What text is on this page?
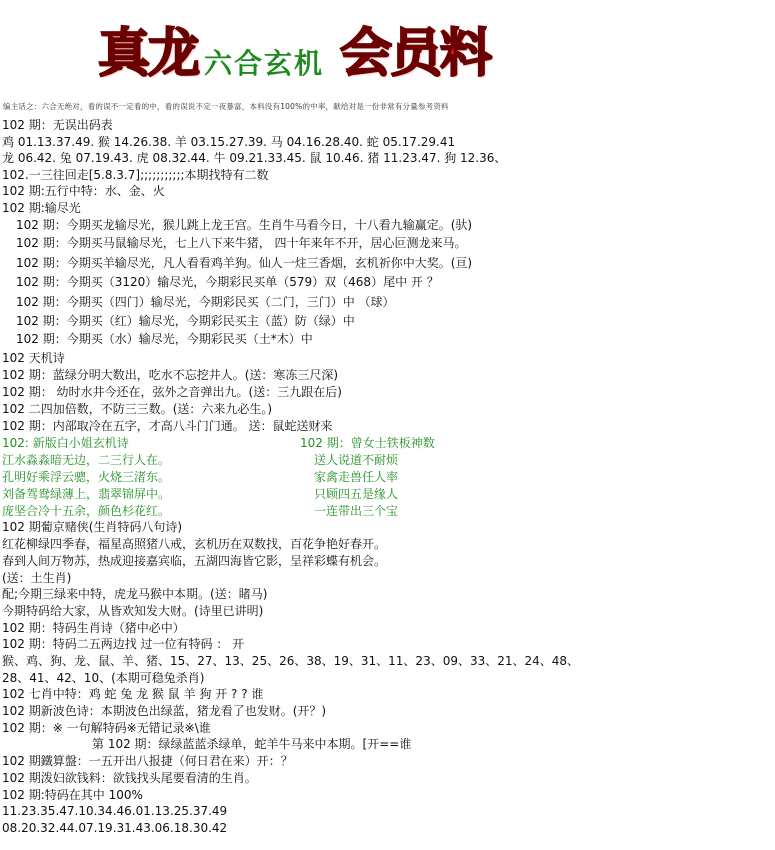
真龙 六合玄机 会员料
编主话之：六合无绝对，看的误不一定看的中，看的误说不定一夜暴富，本料没有100%的中率，献给对是一份非常有分量参考资料
102 期：无误出码表
鸡 01.13.37.49. 猴 14.26.38. 羊 03.15.27.39. 马 04.16.28.40. 蛇 05.17.29.41
龙 06.42. 兔 07.19.43. 虎 08.32.44. 牛 09.21.33.45. 鼠 10.46. 猪 11.23.47. 狗 12.36、
102.一三往回走[5.8.3.7];;;;;;;;;;;本期找特有二数
102 期:五行中特：水、金、火
102 期:输尽光
102 期：今期买龙输尽光，猴儿跳上龙王宫。生肖牛马看今日，十八看九输赢定。(驮)
102 期：今期买马鼠输尽光，七上八下来牛猪， 四十年来年不开，居心叵测龙来马。
102 期：今期买羊输尽光，凡人看看鸡羊狗。仙人一炷三香烟，玄机祈你中大奖。(亘)
102 期：今期买（3120）输尽光，今期彩民买单（579）双（468）尾中 开 ？
102 期：今期买（四门）输尽光，今期彩民买（二门，三门）中 （球）
102 期：今期买（红）输尽光，今期彩民买主（蓝）防（绿）中
102 期：今期买（水）输尽光，今期彩民买（土*木）中
102 天机诗
102 期：蓝绿分明大数出，吃水不忘挖井人。(送：寒冻三尺深)
102 期： 幼时水井今还在，弦外之音弹出九。(送：三九跟在后)
102 二四加倍数，不防三三数。(送：六来九必生。)
102 期：内部取冷在五字，才高八斗门门通。 送：鼠蛇送财来
102: 新版白小姐玄机诗
江水淼淼暗无边，二三行人在。
孔明好乘浮云骢，火烧三渚东。
刘备驾鸯绿薄上，翡翠锦屏中。
庞坚合冷十五余，颜色杉花红。
102 期：曾女士铁板神数
送人说道不耐烦
家禽走兽任人率
只顾四五是缘人
一连带出三个宝
102 期葡京赌侠(生肖特码八句诗)
红花柳绿四季春，福星高照猪八戒，玄机历在双数找，百花争艳好春开。
春到人间万物苏，热成迎接嘉宾临，五湖四海皆它影，呈祥彩蝶有机会。
(送：土生肖)
配;今期三绿来中特，虎龙马猴中本期。(送：睹马)
今期特码给大家，从皆欢知发大财。(诗里已讲明)
102 期：特码生肖诗（猪中必中）
102 期：特码二五两边找 过一位有特码 ： 开
猴、鸡、狗、龙、鼠、羊、猪、15、27、13、25、26、38、19、31、11、23、09、33、21、24、48、
28、41、42、10、(本期可稳兔杀肖)
102 七肖中特：鸡 蛇 兔 龙 猴 鼠 羊 狗 开 ? ? 谁
102 期新波色诗：本期波色出绿蓝，猪龙看了也发财。(开？)
102 期：※ 一句解特码※无错记录※\谁
第 102 期：绿绿蓝蓝杀绿单，蛇羊牛马来中本期。[开==谁
102 期鐵算盤：一五开出八报捷（何日君在来）开：？
102 期泼妇欲钱料：欲钱找头尾要看清的生肖。
102 期:特码在其中 100%
11.23.35.47.10.34.46.01.13.25.37.49
08.20.32.44.07.19.31.43.06.18.30.42
